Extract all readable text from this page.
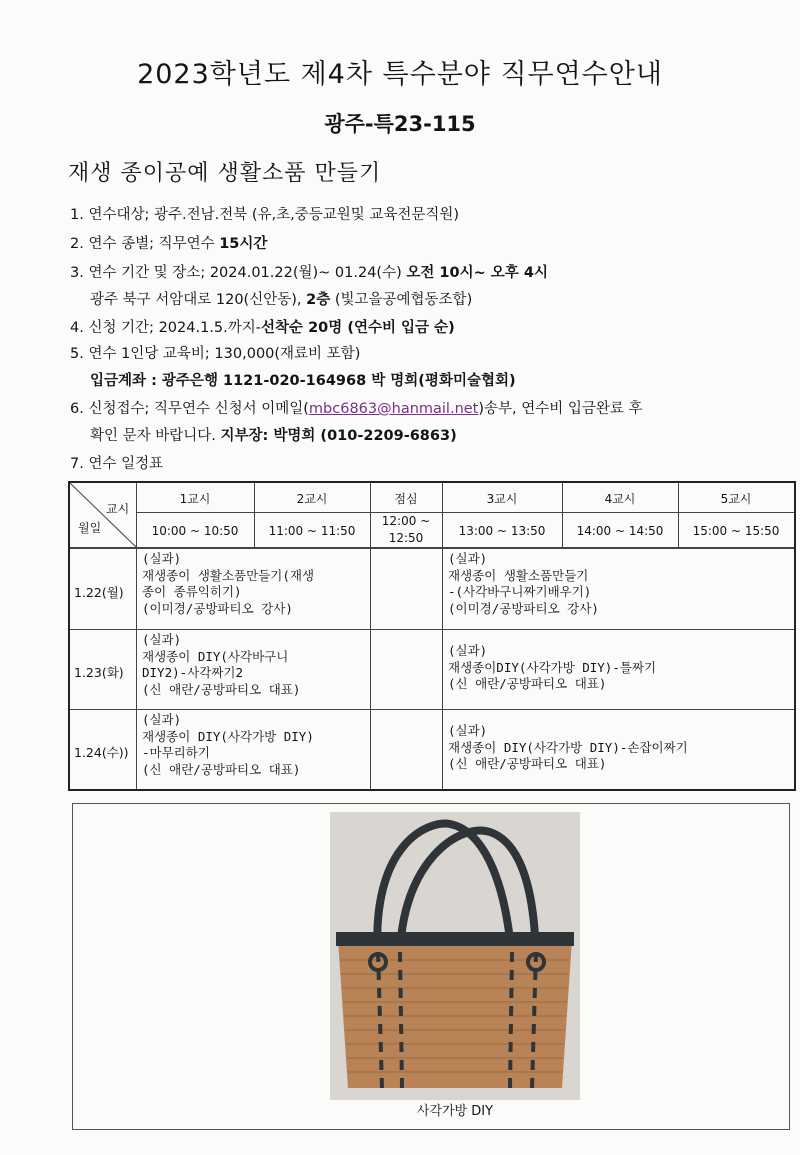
2023학년도 제4차 특수분야 직무연수안내
광주-특23-115
재생 종이공예 생활소품 만들기
1. 연수대상; 광주.전남.전북 (유,초,중등교원및 교육전문직원)
2. 연수 종별; 직무연수 15시간
3. 연수 기간 및 장소; 2024.01.22(월)~ 01.24(수) 오전 10시~ 오후 4시
광주 북구 서암대로 120(신안동), 2층 (빛고을공예협동조합)
4. 신청 기간; 2024.1.5.까지-선착순 20명 (연수비 입금 순)
5. 연수 1인당 교육비; 130,000(재료비 포함)
입금계좌 : 광주은행 1121-020-164968 박 명희(평화미술협회)
6. 신청접수; 직무연수 신청서 이메일(mbc6863@hanmail.net)송부, 연수비 입금완료 후
확인 문자 바랍니다. 지부장: 박명희 (010-2209-6863)
7. 연수 일정표
교시
월일
1교시
10:00 ~ 10:50
2교시
11:00 ~ 11:50
점심
12:00 ~
12:50
3교시
13:00 ~ 13:50
4교시
14:00 ~ 14:50
5교시
15:00 ~ 15:50
1.22(월)
(실과)
재생종이 생활소품만들기(재생
종이 종류익히기)
(이미경/공방파티오 강사)
(실과)
재생종이 생활소품만들기
-(사각바구니짜기배우기)
(이미경/공방파티오 강사)
1.23(화)
(실과)
재생종이 DIY(사각바구니
DIY2)-사각짜기2
(신 애란/공방파티오 대표)
(실과)
재생종이DIY(사각가방 DIY)-틀짜기
(신 애란/공방파티오 대표)
1.24(수))
(실과)
재생종이 DIY(사각가방 DIY)
-마무리하기
(신 애란/공방파티오 대표)
(실과)
재생종이 DIY(사각가방 DIY)-손잡이짜기
(신 애란/공방파티오 대표)
사각가방 DIY
